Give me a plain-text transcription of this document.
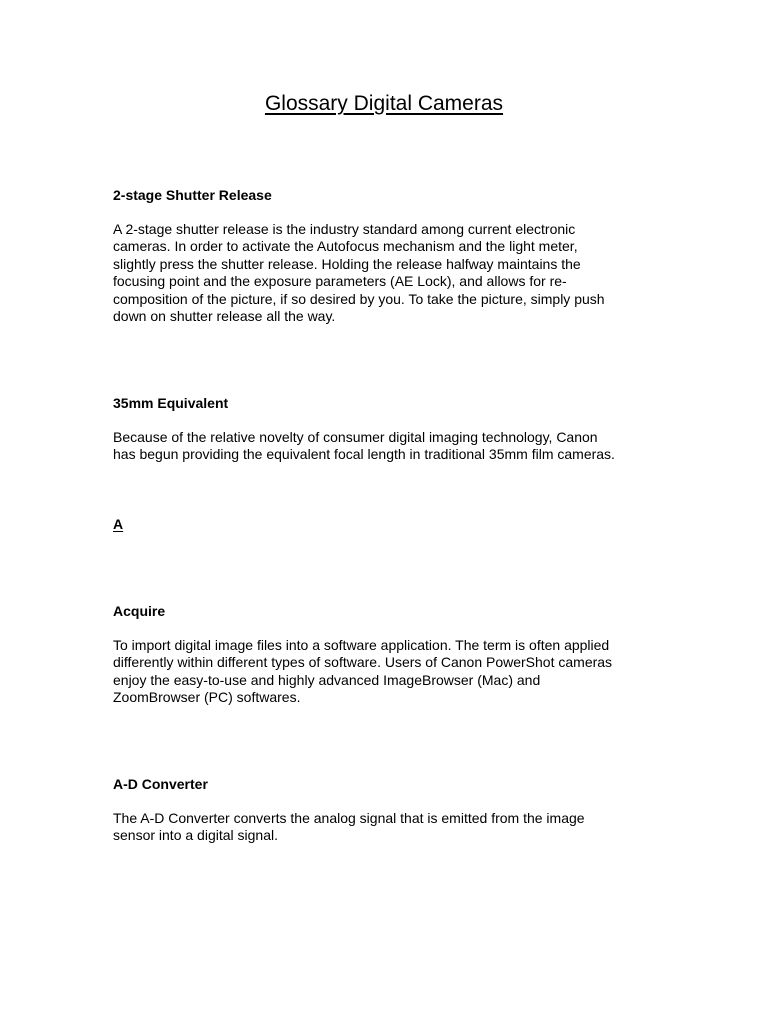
Glossary Digital Cameras
2-stage Shutter Release

A 2-stage shutter release is the industry standard among current electronic
cameras. In order to activate the Autofocus mechanism and the light meter,
slightly press the shutter release. Holding the release halfway maintains the
focusing point and the exposure parameters (AE Lock), and allows for re-
composition of the picture, if so desired by you. To take the picture, simply push
down on shutter release all the way.

35mm Equivalent

Because of the relative novelty of consumer digital imaging technology, Canon
has begun providing the equivalent focal length in traditional 35mm film cameras.

A
Acquire

To import digital image files into a software application. The term is often applied
differently within different types of software. Users of Canon PowerShot cameras
enjoy the easy-to-use and highly advanced ImageBrowser (Mac) and
ZoomBrowser (PC) softwares.

A-D Converter

The A-D Converter converts the analog signal that is emitted from the image
sensor into a digital signal.
